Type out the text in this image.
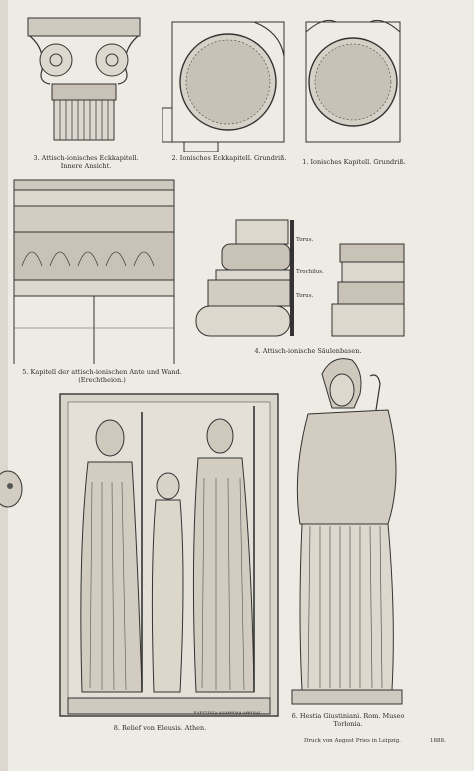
3. Attisch-ionisches Eckkapitell. Innere Ansicht.
2. Ionisches Eckkapitell. Grundriß.	1. Ionisches Kapitell. Grundriß.
5. Kapitell der attisch-ionischen Ante und Wand. (Erechtheion.)
Torus.
Trochilus.
Torus.
4. Attisch-ionische Säulenbasen.
ΕΛΕΥΣΙΝΙΑ·ΑΝΑΘΗΜΑ·ΑΘΗΝΑΙ
8. Relief von Eleusis. Athen.
6. Hestia Giustiniani. Rom. Museo Torlonia.
Druck von August Pries in Leipzig.	1888.
